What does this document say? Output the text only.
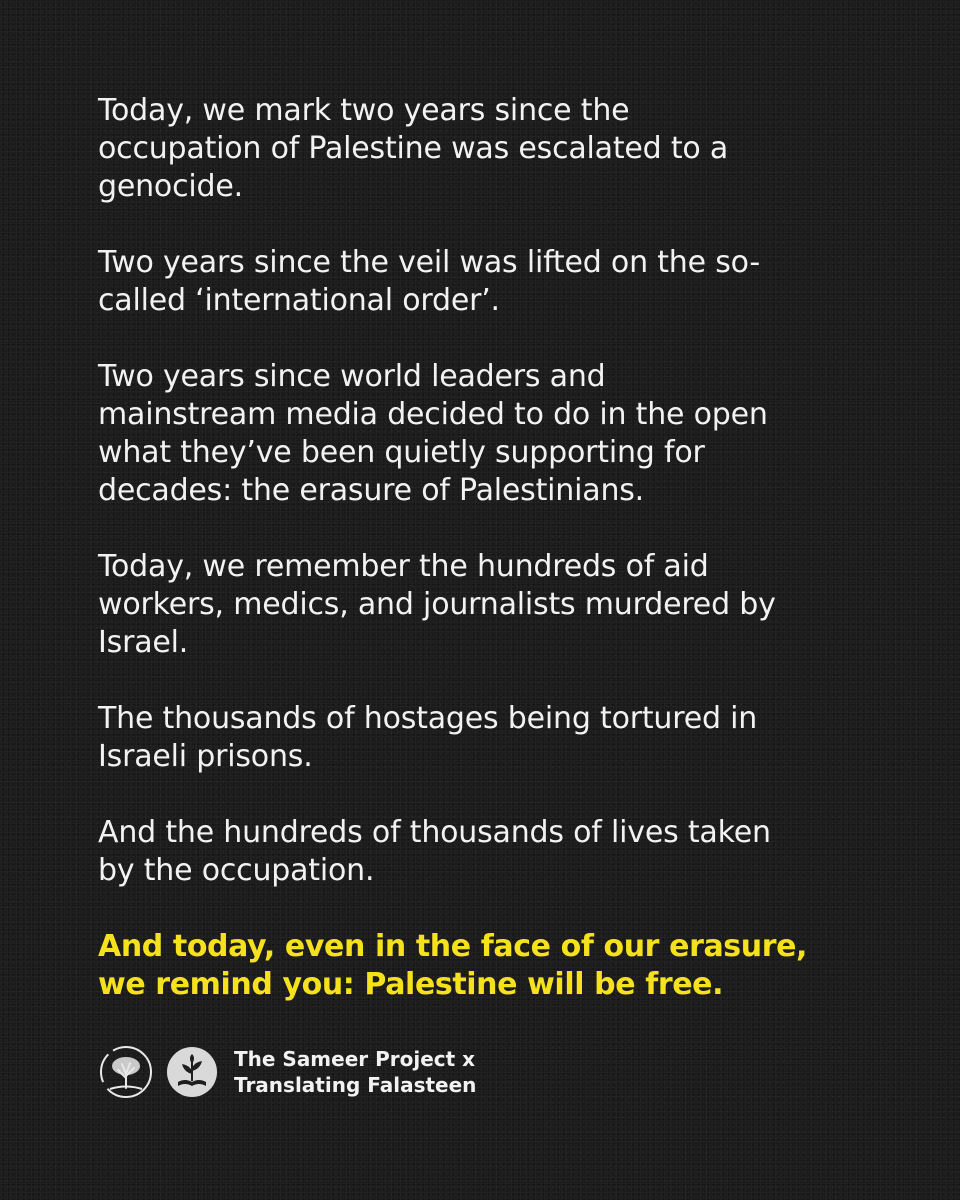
Today, we mark two years since the
occupation of Palestine was escalated to a
genocide.

Two years since the veil was lifted on the so-
called ‘international order’.

Two years since world leaders and
mainstream media decided to do in the open
what they’ve been quietly supporting for
decades: the erasure of Palestinians.

Today, we remember the hundreds of aid
workers, medics, and journalists murdered by
Israel.

The thousands of hostages being tortured in
Israeli prisons.

And the hundreds of thousands of lives taken
by the occupation.

And today, even in the face of our erasure,
we remind you: Palestine will be free.

The Sameer Project x
Translating Falasteen
